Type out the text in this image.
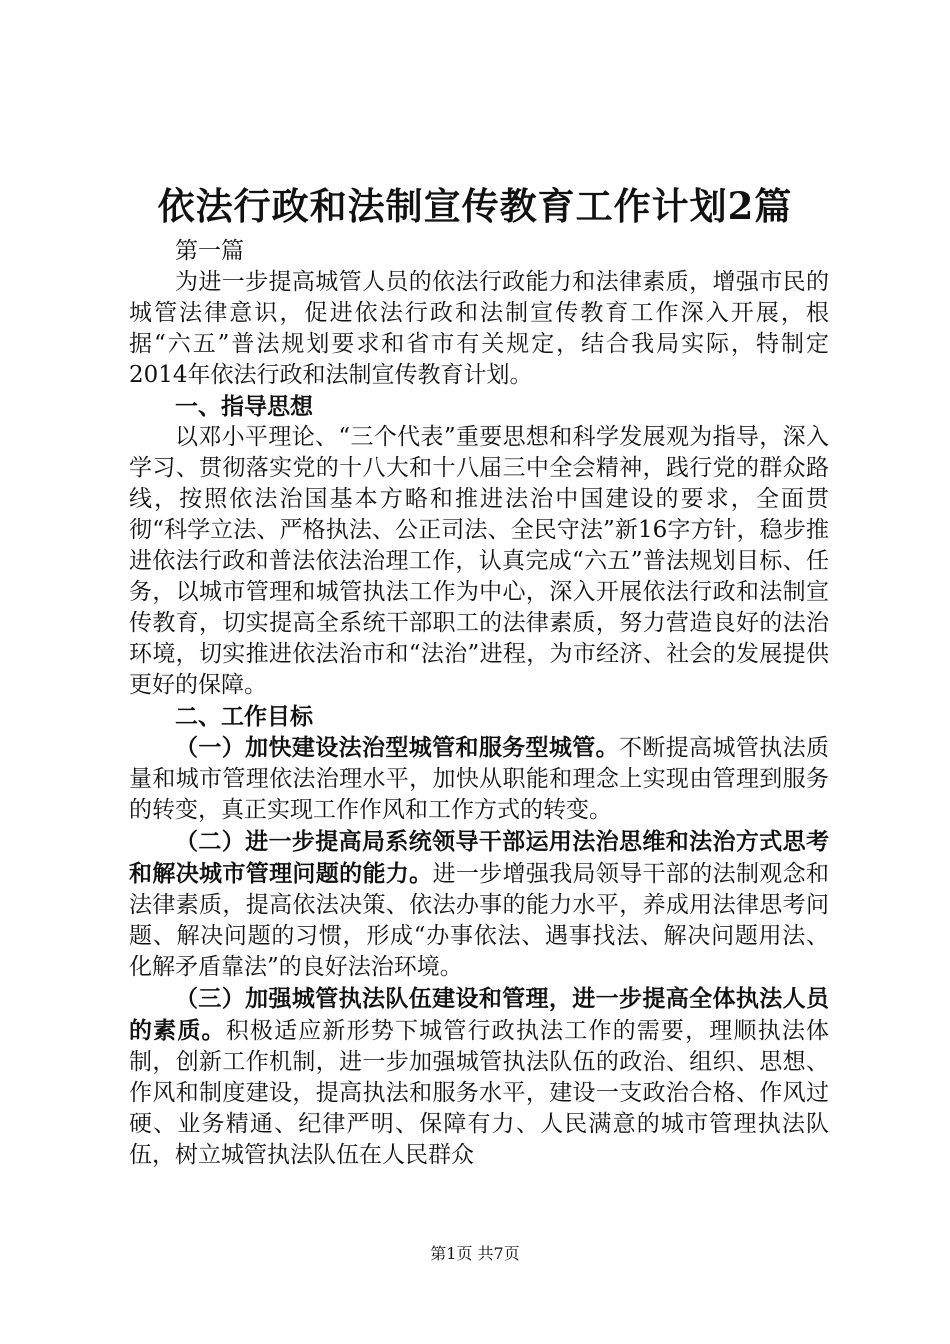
依法行政和法制宣传教育工作计划2篇

第一篇

为进一步提高城管人员的依法行政能力和法律素质，增强市民的城管法律意识，促进依法行政和法制宣传教育工作深入开展，根据“六五”普法规划要求和省市有关规定，结合我局实际，特制定2014年依法行政和法制宣传教育计划。

一、指导思想

以邓小平理论、“三个代表”重要思想和科学发展观为指导，深入学习、贯彻落实党的十八大和十八届三中全会精神，践行党的群众路线，按照依法治国基本方略和推进法治中国建设的要求，全面贯彻“科学立法、严格执法、公正司法、全民守法”新16字方针，稳步推进依法行政和普法依法治理工作，认真完成“六五”普法规划目标、任务，以城市管理和城管执法工作为中心，深入开展依法行政和法制宣传教育，切实提高全系统干部职工的法律素质，努力营造良好的法治环境，切实推进依法治市和“法治”进程，为市经济、社会的发展提供更好的保障。

二、工作目标

（一）加快建设法治型城管和服务型城管。不断提高城管执法质量和城市管理依法治理水平，加快从职能和理念上实现由管理到服务的转变，真正实现工作作风和工作方式的转变。

（二）进一步提高局系统领导干部运用法治思维和法治方式思考和解决城市管理问题的能力。进一步增强我局领导干部的法制观念和法律素质，提高依法决策、依法办事的能力水平，养成用法律思考问题、解决问题的习惯，形成“办事依法、遇事找法、解决问题用法、化解矛盾靠法”的良好法治环境。

（三）加强城管执法队伍建设和管理，进一步提高全体执法人员的素质。积极适应新形势下城管行政执法工作的需要，理顺执法体制，创新工作机制，进一步加强城管执法队伍的政治、组织、思想、作风和制度建设，提高执法和服务水平，建设一支政治合格、作风过硬、业务精通、纪律严明、保障有力、人民满意的城市管理执法队伍，树立城管执法队伍在人民群众

第1页 共7页
